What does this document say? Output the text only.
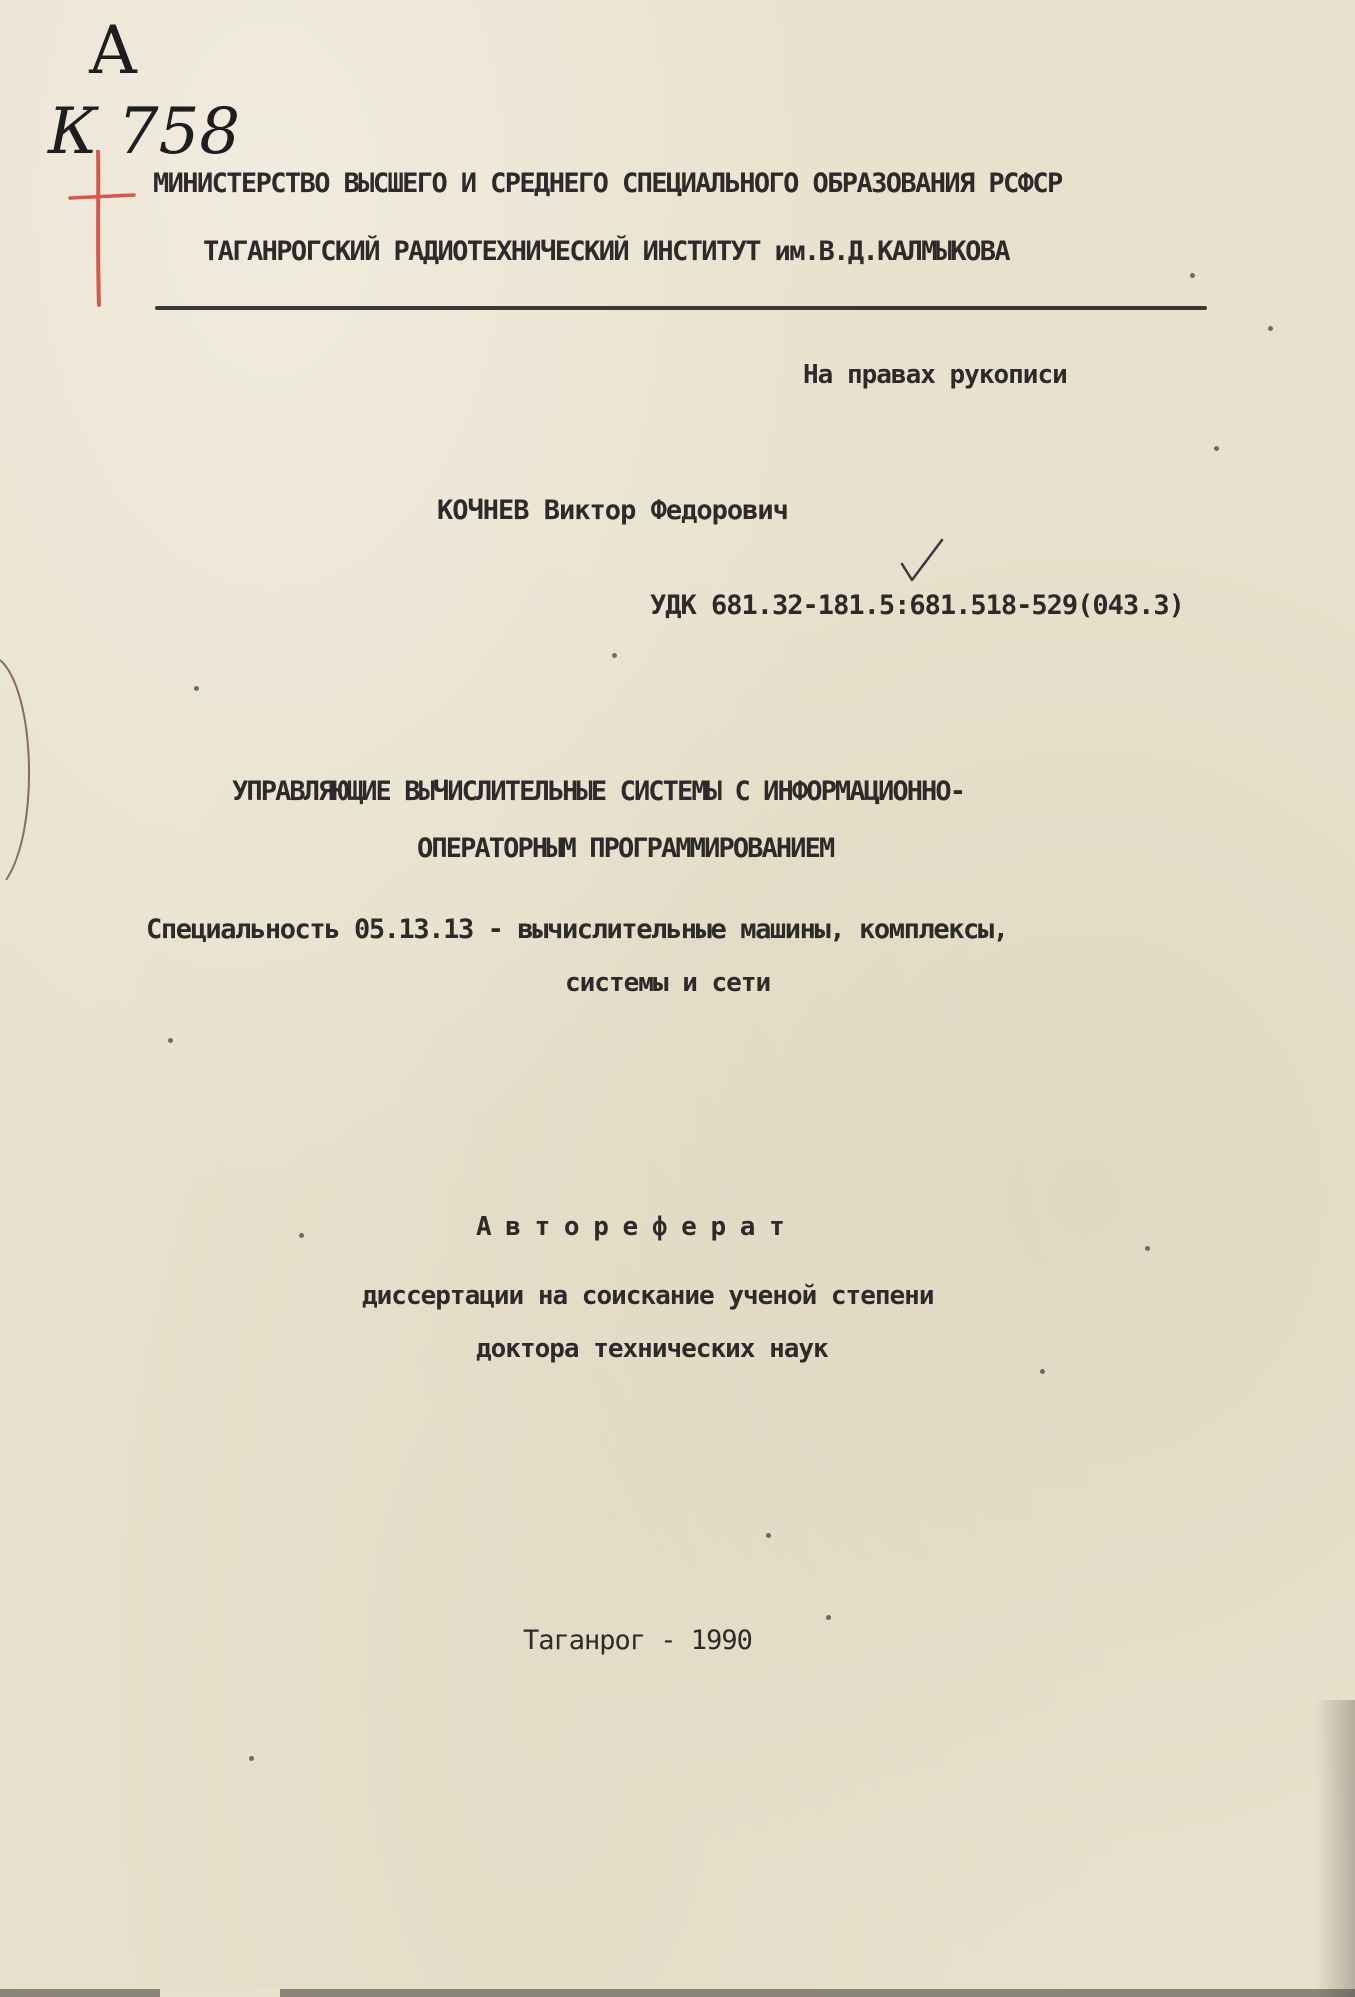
А
К 758
МИНИСТЕРСТВО ВЫСШЕГО И СРЕДНЕГО СПЕЦИАЛЬНОГО ОБРАЗОВАНИЯ РСФСР
ТАГАНРОГСКИЙ РАДИОТЕХНИЧЕСКИЙ ИНСТИТУТ им.В.Д.КАЛМЫКОВА
На правах рукописи
КОЧНЕВ Виктор Федорович
УДК 681.32-181.5:681.518-529(043.3)
УПРАВЛЯЮЩИЕ ВЫЧИСЛИТЕЛЬНЫЕ СИСТЕМЫ С ИНФОРМАЦИОННО-
ОПЕРАТОРНЫМ ПРОГРАММИРОВАНИЕМ
Специальность 05.13.13 - вычислительные машины, комплексы,
системы и сети
А в т о р е ф е р а т
диссертации на соискание ученой степени
доктора технических наук
Таганрог - 1990
